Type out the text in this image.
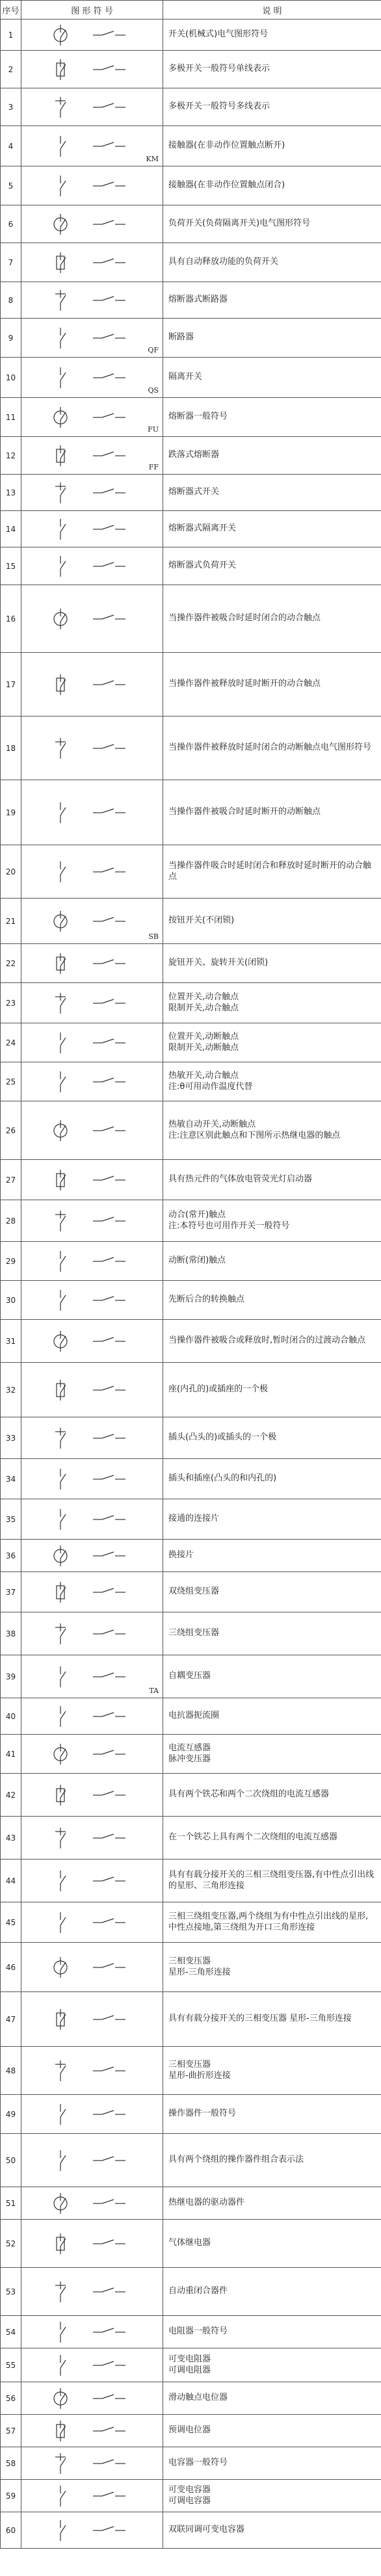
序号	图 形 符 号	说 明
1		开关(机械式)电气图形符号

2		多极开关一般符号单线表示

3		多极开关一般符号多线表示

4	KM	接触器(在非动作位置触点断开)

5		接触器(在非动作位置触点闭合)

6		负荷开关(负荷隔离开关)电气图形符号

7		具有自动释放功能的负荷开关

8		熔断器式断路器

9	QF	断路器

10	QS	隔离开关

11	FU	熔断器一般符号

12	FF	跌落式熔断器

13		熔断器式开关

14		熔断器式隔离开关

15		熔断器式负荷开关

16		当操作器件被吸合时延时闭合的动合触点

17		当操作器件被释放时延时断开的动合触点

18		当操作器件被释放时延时闭合的动断触点电气图形符号

19		当操作器件被吸合时延时断开的动断触点

20		当操作器件吸合时延时闭合和释放时延时断开的动合触点

21	SB	按钮开关(不闭锁)

22		旋钮开关、旋转开关(闭锁)

23		位置开关,动合触点
限制开关,动合触点

24		位置开关,动断触点
限制开关,动断触点

25		热敏开关,动合触点
注:θ可用动作温度代替

26		热敏自动开关,动断触点
注:注意区别此触点和下图所示热继电器的触点

27		具有热元件的气体放电管荧光灯启动器

28		动合(常开)触点
注:本符号也可用作开关一般符号

29		动断(常闭)触点

30		先断后合的转换触点

31		当操作器件被吸合或释放时,暂时闭合的过渡动合触点

32		座(内孔的)或插座的一个极

33		插头(凸头的)或插头的一个极

34		插头和插座(凸头的和内孔的)

35		接通的连接片

36		换接片

37		双绕组变压器

38		三绕组变压器

39	TA	自耦变压器

40		电抗器扼流圈

41		电流互感器
脉冲变压器

42		具有两个铁芯和两个二次绕组的电流互感器

43		在一个铁芯上具有两个二次绕组的电流互感器

44		具有有载分接开关的三相三绕组变压器,有中性点引出线的星形、三角形连接

45		三相三绕组变压器,两个绕组为有中性点引出线的星形,中性点接地,第三绕组为开口三角形连接

46		三相变压器
星形-三角形连接

47		具有有载分接开关的三相变压器 星形-三角形连接

48		三相变压器
星形-曲折形连接

49		操作器件一般符号

50		具有两个绕组的操作器件组合表示法

51		热继电器的驱动器件

52		气体继电器

53		自动重闭合器件

54		电阻器一般符号

55		可变电阻器
可调电阻器

56		滑动触点电位器

57		预调电位器

58		电容器一般符号

59		可变电容器
可调电容器

60		双联同调可变电容器
